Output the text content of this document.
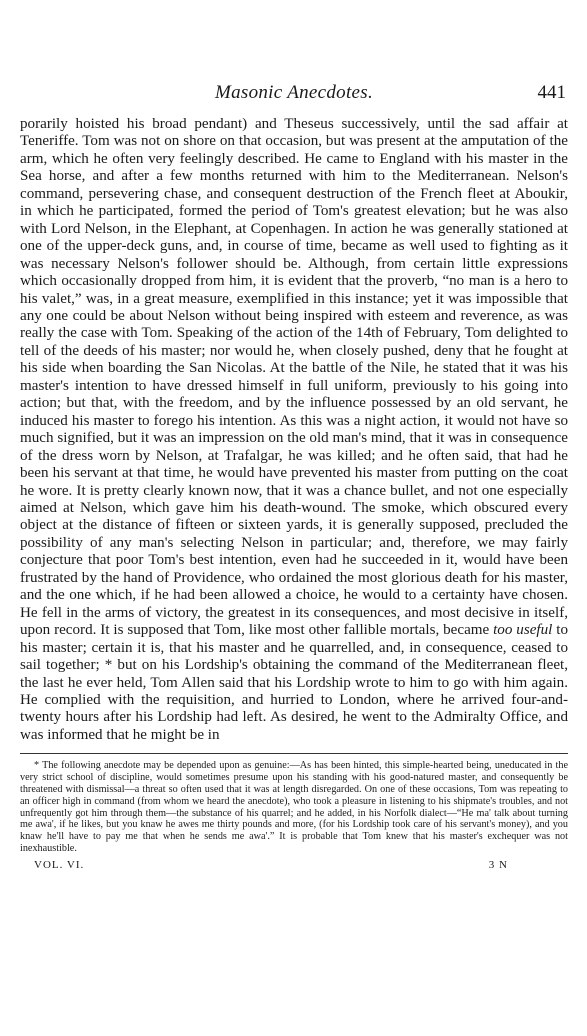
Masonic Anecdotes.	441

porarily hoisted his broad pendant) and Theseus successively, until the sad affair at Teneriffe. Tom was not on shore on that occasion, but was present at the amputation of the arm, which he often very feelingly described. He came to England with his master in the Sea horse, and after a few months returned with him to the Mediterranean. Nelson's command, persevering chase, and consequent destruction of the French fleet at Aboukir, in which he participated, formed the period of Tom's greatest elevation; but he was also with Lord Nelson, in the Elephant, at Copenhagen. In action he was generally stationed at one of the upper-deck guns, and, in course of time, became as well used to fighting as it was necessary Nelson's follower should be. Although, from certain little expressions which occasionally dropped from him, it is evident that the proverb, “no man is a hero to his valet,” was, in a great measure, exemplified in this instance; yet it was impossible that any one could be about Nelson without being inspired with esteem and reverence, as was really the case with Tom. Speaking of the action of the 14th of February, Tom delighted to tell of the deeds of his master; nor would he, when closely pushed, deny that he fought at his side when boarding the San Nicolas. At the battle of the Nile, he stated that it was his master's intention to have dressed himself in full uniform, previously to his going into action; but that, with the freedom, and by the influence possessed by an old servant, he induced his master to forego his intention. As this was a night action, it would not have so much signified, but it was an impression on the old man's mind, that it was in consequence of the dress worn by Nelson, at Trafalgar, he was killed; and he often said, that had he been his servant at that time, he would have prevented his master from putting on the coat he wore. It is pretty clearly known now, that it was a chance bullet, and not one especially aimed at Nelson, which gave him his death-wound. The smoke, which obscured every object at the distance of fifteen or sixteen yards, it is generally supposed, precluded the possibility of any man's selecting Nelson in particular; and, therefore, we may fairly conjecture that poor Tom's best intention, even had he succeeded in it, would have been frustrated by the hand of Providence, who ordained the most glorious death for his master, and the one which, if he had been allowed a choice, he would to a certainty have chosen. He fell in the arms of victory, the greatest in its consequences, and most decisive in itself, upon record. It is supposed that Tom, like most other fallible mortals, became too useful to his master; certain it is, that his master and he quarrelled, and, in consequence, ceased to sail together; * but on his Lordship's obtaining the command of the Mediterranean fleet, the last he ever held, Tom Allen said that his Lordship wrote to him to go with him again. He complied with the requisition, and hurried to London, where he arrived four-and-twenty hours after his Lordship had left. As desired, he went to the Admiralty Office, and was informed that he might be in

* The following anecdote may be depended upon as genuine:—As has been hinted, this simple-hearted being, uneducated in the very strict school of discipline, would sometimes presume upon his standing with his good-natured master, and consequently be threatened with dismissal—a threat so often used that it was at length disregarded. On one of these occasions, Tom was repeating to an officer high in command (from whom we heard the anecdote), who took a pleasure in listening to his shipmate's troubles, and not unfrequently got him through them—the substance of his quarrel; and he added, in his Norfolk dialect—“He ma' talk about turning me awa', if he likes, but you knaw he awes me thirty pounds and more, (for his Lordship took care of his servant's money), and you knaw he'll have to pay me that when he sends me awa'.” It is probable that Tom knew that his master's exchequer was not inexhaustible.

VOL. VI.	3 N
